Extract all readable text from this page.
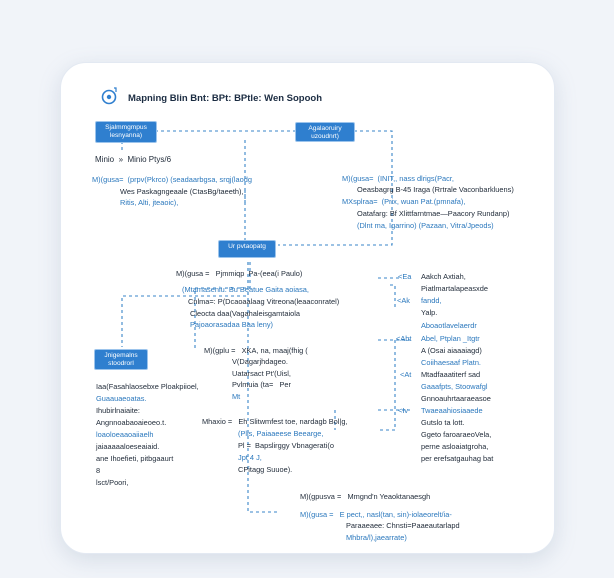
Mapning Blin Bnt: BPt: BPtle: Wen Sopooh
Sjalmmgmpus
lesnyanna)
Agalaoruiry
uzoudnrt)
Ur pvtaopatg
Jnigemalns
stoodrorl
Minio  »  Minio Ptys/6
M)(gusa=  (prpv(Pkrco) (seadaarbgsa, srqj(laodg
Wes Paskagngeaale (CtasBg/taeeth),
Ritis, Alti, jteaoic),
M)(gusa=  (INIT,, nass dlrigs(Pacr,
Oeasbagrg B-45 Iraga (Rrtrale Vaconbarkluens)
MXsplraa=  (Prix, wuan Pat.(pmnafa),
Oatafarg: Bf Xlittfarntmae—Paacory Rundanp)
(Dlnt ma, Igarrino) (Pazaan, Vitra/Jpeods)
M)(gusa =   Pjmmiqp  Pa-(eea(i Paulo)
(Mtamaseniu: Bu Beatue Gaita aoiasa,
Cnlma=: P(Dcaoaalaag Vitreona(leaaconratel)
Cleocta daa(Vagahaleisgamtaiola
Pajoaorasadaa Baa leny)
M)(gplu =   XKA, na, maaj(fhig (
V(Dagarjhdageo.
Uatarsact Pt'(Uisl,
Pvlmuia (ta=   Per
Mt
Iaa(Fasahlaosebxe Ploakpiioel,
Guaauaeoatas.
Ihubirlnaiaite:
Angnnoabaoaieoeo.t.
loaoloeaaoaiiaelh
jaiaaaaaloeseaiaid.
ane Ihoefieti, pitbgaaurt
8
lsct/Poori,
Mhaxio =   Eh Slitwmfest toe, nardagb Bol|g,
(Plis, Paiaaeese Beearge,
Pl =  Bapslirggy Vbnagerati(o
Jpt 4 J,
CPitagg Suuoe).
M)(gpusva =   Mmgnd'n Yeaoktanaesgh
M)(gusa =   E pect,, nasl(tan, sin)-iolaeorelt/ia-
Paraaeaee: Chnsti=Paaeautarlapd
Mhbra/l),jaearrate)
Aakch Axtiah,
Piatlmartalapeasxde
fandd,
Yalp.
Aboaotlavelaerdr
Abel, Ptplan _Itgtr
A (Osai aiaaaiagd)
Coiihaesaaf Platn.
Mtadfaaatiterf sad
Gaaafpts, Stoowafgl
Gnnoauhrtaaraeasoe
Twaeaahiosiaaede
Gutslo ta lott.
Ggeto faroaraeoVela,
perne asloaiatgroha,
per erefsatgauhag bat
<Ea
<Ak
<Abt
<At
<Iv
